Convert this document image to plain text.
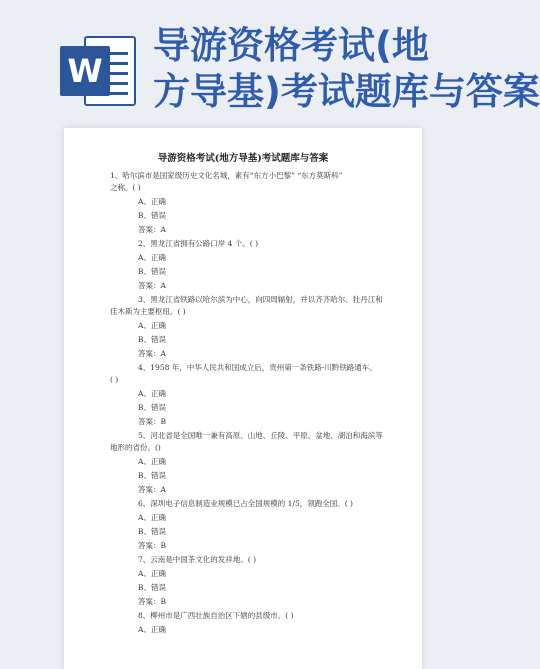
W
导游资格考试(地
方导基)考试题库与答案
导游资格考试(地方导基)考试题库与答案
1、哈尔滨市是国家级历史文化名城，素有“东方小巴黎” “东方莫斯科”
之称。( )
A、正确
B、错误
答案：A
2、黑龙江省拥有公路口岸 4 个。( )
A、正确
B、错误
答案：A
3、黑龙江省铁路以哈尔滨为中心，向四周辐射，并以齐齐哈尔、牡丹江和
佳木斯为主要枢纽。( )
A、正确
B、错误
答案：A
4、1958 年，中华人民共和国成立后，贵州第一条铁路-川黔铁路通车。
( )
A、正确
B、错误
答案：B
5、河北省是全国唯一兼有高原、山地、丘陵、平原、盆地、湖泊和海滨等
地形的省份。()
A、正确
B、错误
答案：A
6、深圳电子信息制造业规模已占全国规模的 1/5，领跑全国。( )
A、正确
B、错误
答案：B
7、云南是中国茶文化的发祥地。( )
A、正确
B、错误
答案：B
8、柳州市是广西壮族自治区下辖的县级市。( )
A、正确
